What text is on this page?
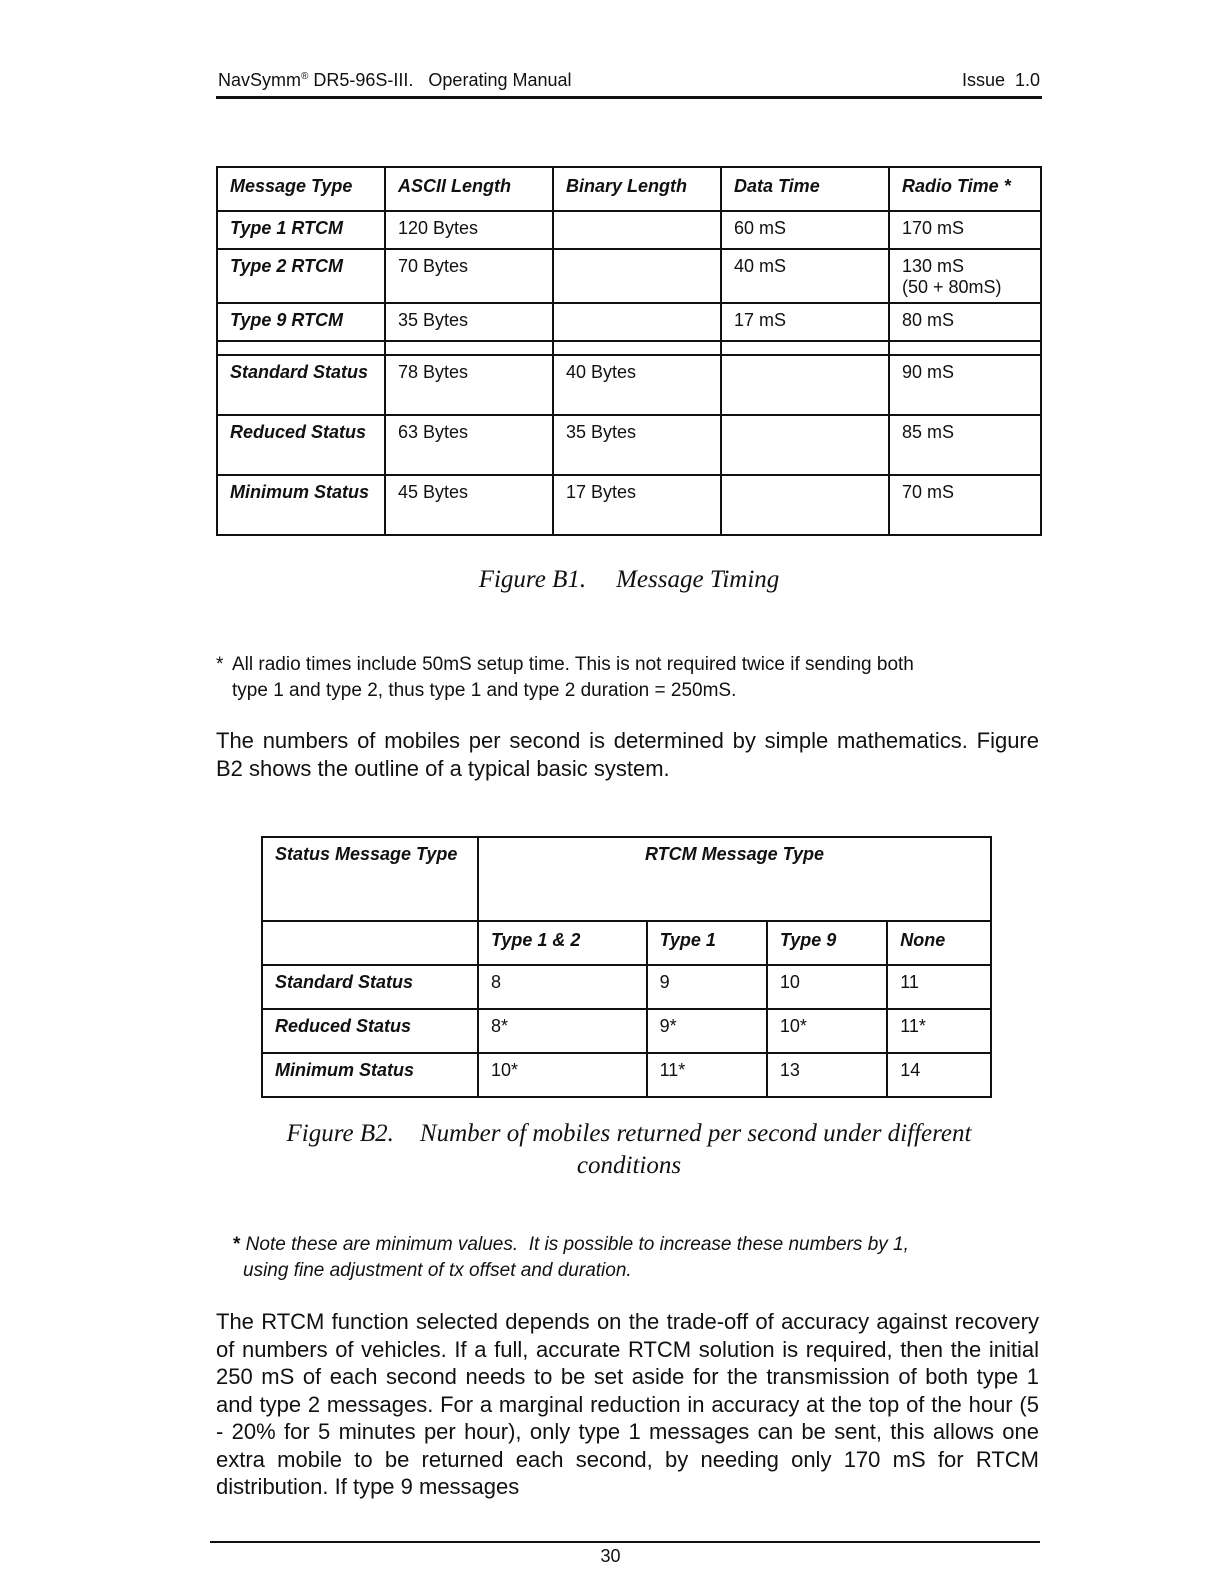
NavSymm® DR5-96S-III.   Operating Manual	Issue  1.0
Message Type	ASCII Length	Binary Length	Data Time	Radio Time *
Type 1 RTCM	120 Bytes		60 mS	170 mS
Type 2 RTCM	70 Bytes		40 mS	130 mS
(50 + 80mS)

Type 9 RTCM	35 Bytes		17 mS	80 mS

Standard Status	78 Bytes	40 Bytes		90 mS
Reduced Status	63 Bytes	35 Bytes		85 mS
Minimum Status	45 Bytes	17 Bytes		70 mS
Figure B1. Message Timing
* All radio times include 50mS setup time. This is not required twice if sending both
type 1 and type 2, thus type 1 and type 2 duration = 250mS.
The numbers of mobiles per second is determined by simple mathematics. Figure B2 shows the outline of a typical basic system.
Status Message Type	RTCM Message Type			
	Type 1 & 2	Type 1	Type 9	None
Standard Status	8	9	10	11
Reduced Status	8*	9*	10*	11*
Minimum Status	10*	11*	13	14
Figure B2. Number of mobiles returned per second under different
conditions
* Note these are minimum values.  It is possible to increase these numbers by 1,
using fine adjustment of tx offset and duration.
The RTCM function selected depends on the trade-off of accuracy against recovery of numbers of vehicles. If a full, accurate RTCM solution is required, then the initial 250 mS of each second needs to be set aside for the transmission of both type 1 and type 2 messages. For a marginal reduction in accuracy at the top of the hour (5 - 20% for 5 minutes per hour), only type 1 messages can be sent, this allows one extra mobile to be returned each second, by needing only 170 mS for RTCM distribution. If type 9 messages
30
